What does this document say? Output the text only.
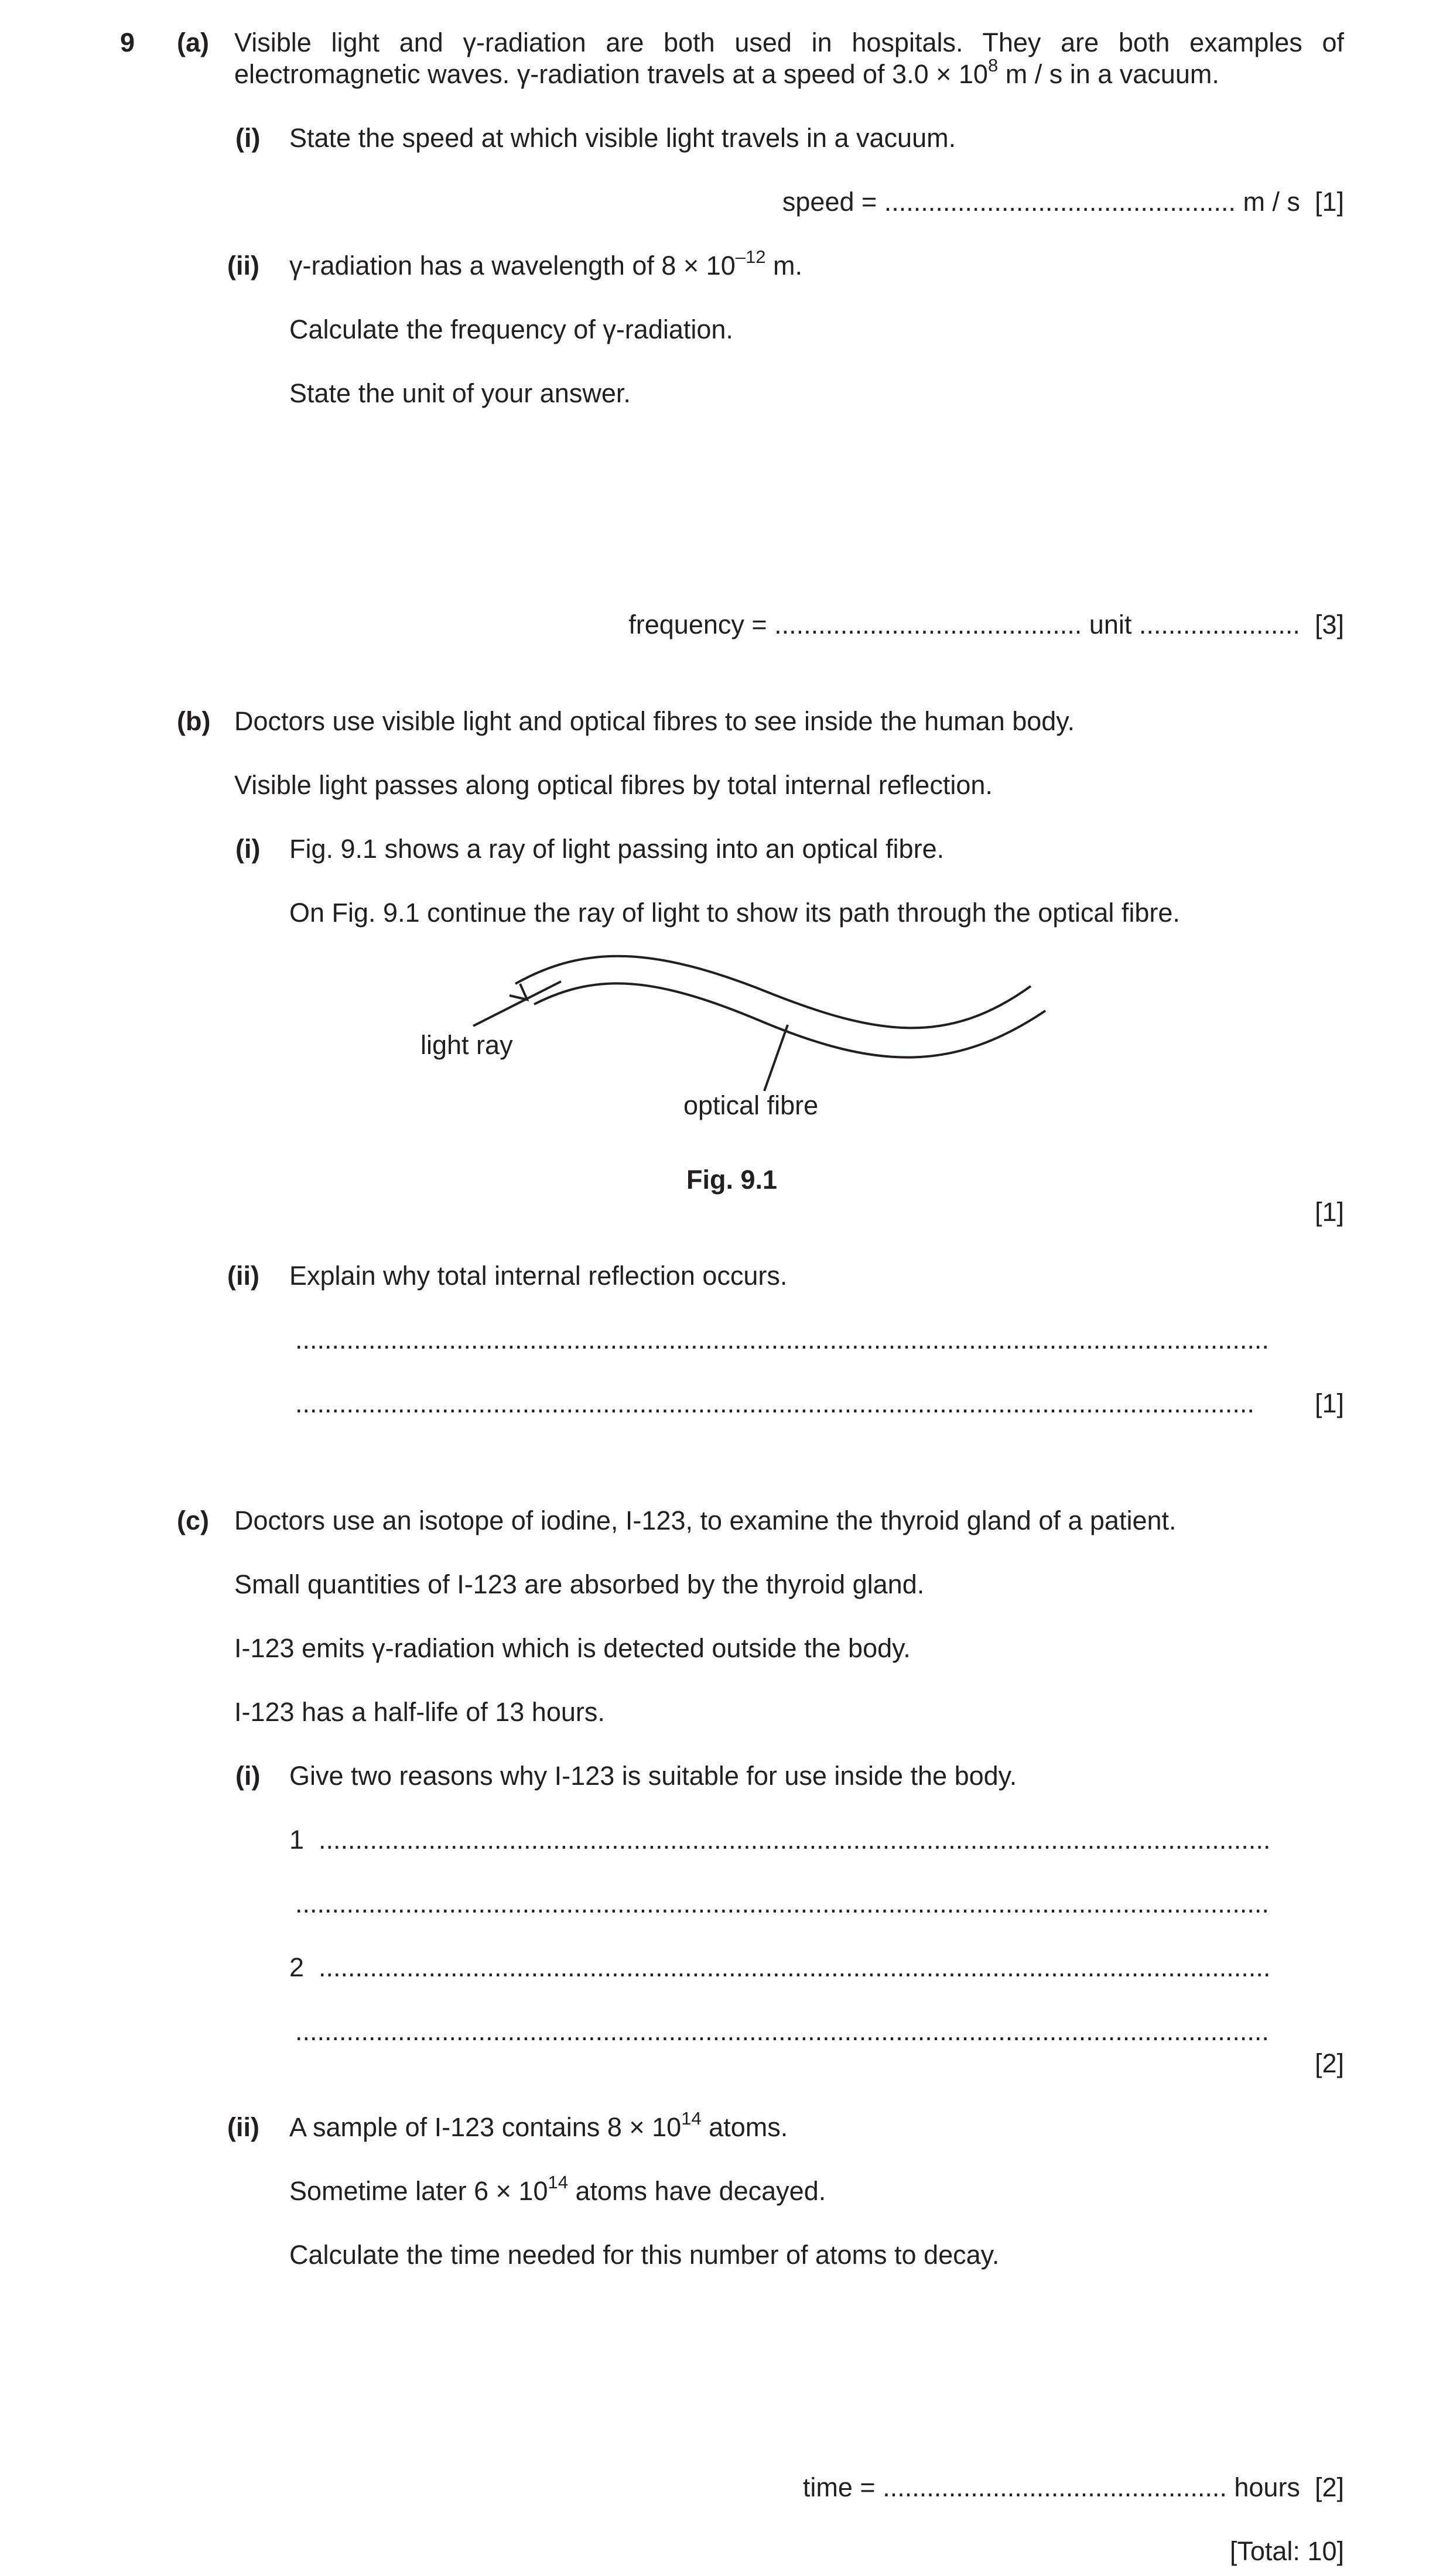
9 (a) Visible light and γ-radiation are both used in hospitals. They are both examples of
electromagnetic waves. γ-radiation travels at a speed of $3.0 \times 10^8$ m / s in a vacuum.
(i) State the speed at which visible light travels in a vacuum.
speed = ................................................ m / s [1]
(ii) γ-radiation has a wavelength of $8 \times 10^{-12}$ m.
Calculate the frequency of γ-radiation.
State the unit of your answer.
frequency = .......................................... unit ...................... [3]
(b) Doctors use visible light and optical fibres to see inside the human body.
Visible light passes along optical fibres by total internal reflection.
(i) Fig. 9.1 shows a ray of light passing into an optical fibre.
On Fig. 9.1 continue the ray of light to show its path through the optical fibre.
light ray
optical fibre
Fig. 9.1
[1]
(ii) Explain why total internal reflection occurs.
.....................................................................................................................................
................................................................................................................................... [1]
(c) Doctors use an isotope of iodine, I-123, to examine the thyroid gland of a patient.
Small quantities of I-123 are absorbed by the thyroid gland.
I-123 emits γ-radiation which is detected outside the body.
I-123 has a half-life of 13 hours.
(i) Give two reasons why I-123 is suitable for use inside the body.
1 ..................................................................................................................................
.....................................................................................................................................
2 ..................................................................................................................................
.....................................................................................................................................
[2]
(ii) A sample of I-123 contains $8 \times 10^{14}$ atoms.
Sometime later $6 \times 10^{14}$ atoms have decayed.
Calculate the time needed for this number of atoms to decay.
time = ............................................... hours [2]
[Total: 10]
